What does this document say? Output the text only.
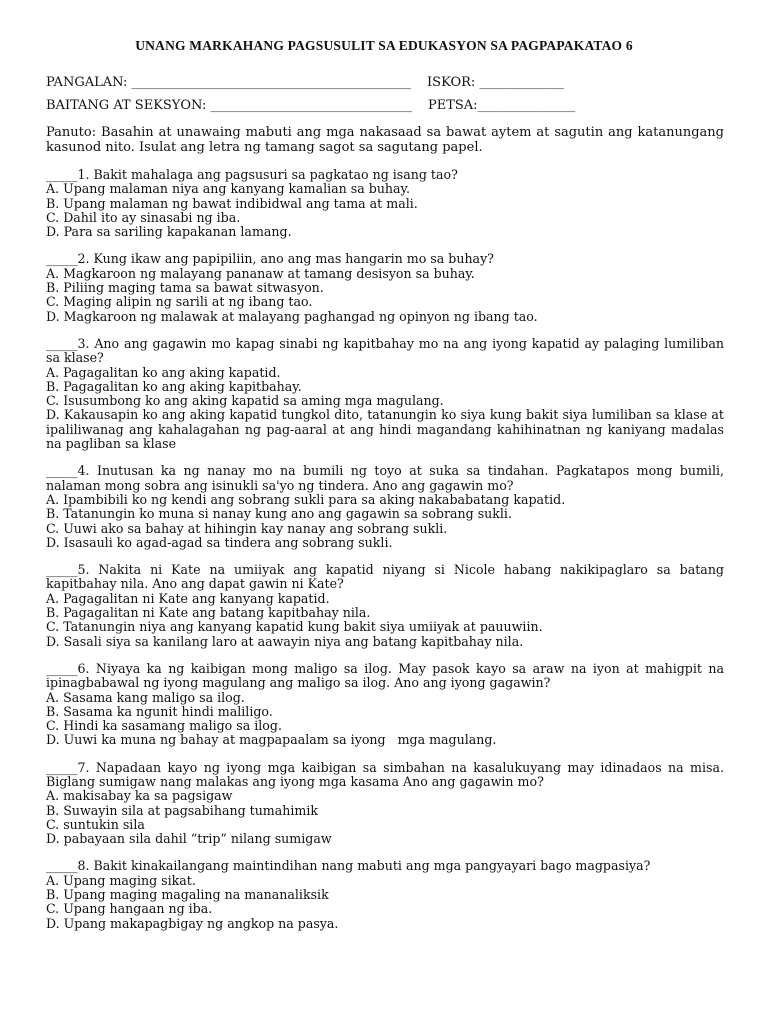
UNANG MARKAHANG PAGSUSULIT SA EDUKASYON SA PAGPAPAKATAO 6
PANGALAN: ___________________________________________ ISKOR: _____________
BAITANG AT SEKSYON: _______________________________ PETSA:_______________
Panuto: Basahin at unawaing mabuti ang mga nakasaad sa bawat aytem at sagutin ang katanungang kasunod nito. Isulat ang letra ng tamang sagot sa sagutang papel.
_____1. Bakit mahalaga ang pagsusuri sa pagkatao ng isang tao?
A. Upang malaman niya ang kanyang kamalian sa buhay.
B. Upang malaman ng bawat indibidwal ang tama at mali.
C. Dahil ito ay sinasabi ng iba.
D. Para sa sariling kapakanan lamang.
_____2. Kung ikaw ang papipiliin, ano ang mas hangarin mo sa buhay?
A. Magkaroon ng malayang pananaw at tamang desisyon sa buhay.
B. Piliing maging tama sa bawat sitwasyon.
C. Maging alipin ng sarili at ng ibang tao.
D. Magkaroon ng malawak at malayang paghangad ng opinyon ng ibang tao.
_____3. Ano ang gagawin mo kapag sinabi ng kapitbahay mo na ang iyong kapatid ay palaging lumiliban sa klase?
A. Pagagalitan ko ang aking kapatid.
B. Pagagalitan ko ang aking kapitbahay.
C. Isusumbong ko ang aking kapatid sa aming mga magulang.
D. Kakausapin ko ang aking kapatid tungkol dito, tatanungin ko siya kung bakit siya lumiliban sa klase at ipaliliwanag ang kahalagahan ng pag-aaral at ang hindi magandang kahihinatnan ng kaniyang madalas na pagliban sa klase
_____4. Inutusan ka ng nanay mo na bumili ng toyo at suka sa tindahan. Pagkatapos mong bumili, nalaman mong sobra ang isinukli sa'yo ng tindera. Ano ang gagawin mo?
A. Ipambibili ko ng kendi ang sobrang sukli para sa aking nakababatang kapatid.
B. Tatanungin ko muna si nanay kung ano ang gagawin sa sobrang sukli.
C. Uuwi ako sa bahay at hihingin kay nanay ang sobrang sukli.
D. Isasauli ko agad-agad sa tindera ang sobrang sukli.
_____5. Nakita ni Kate na umiiyak ang kapatid niyang si Nicole habang nakikipaglaro sa batang kapitbahay nila. Ano ang dapat gawin ni Kate?
A. Pagagalitan ni Kate ang kanyang kapatid.
B. Pagagalitan ni Kate ang batang kapitbahay nila.
C. Tatanungin niya ang kanyang kapatid kung bakit siya umiiyak at pauuwiin.
D. Sasali siya sa kanilang laro at aawayin niya ang batang kapitbahay nila.
_____6. Niyaya ka ng kaibigan mong maligo sa ilog. May pasok kayo sa araw na iyon at mahigpit na ipinagbabawal ng iyong magulang ang maligo sa ilog. Ano ang iyong gagawin?
A. Sasama kang maligo sa ilog.
B. Sasama ka ngunit hindi maliligo.
C. Hindi ka sasamang maligo sa ilog.
D. Uuwi ka muna ng bahay at magpapaalam sa iyong   mga magulang.
_____7. Napadaan kayo ng iyong mga kaibigan sa simbahan na kasalukuyang may idinadaos na misa. Biglang sumigaw nang malakas ang iyong mga kasama Ano ang gagawin mo?
A. makisabay ka sa pagsigaw
B. Suwayin sila at pagsabihang tumahimik
C. suntukin sila
D. pabayaan sila dahil “trip” nilang sumigaw
_____8. Bakit kinakailangang maintindihan nang mabuti ang mga pangyayari bago magpasiya?
A. Upang maging sikat.
B. Upang maging magaling na mananaliksik
C. Upang hangaan ng iba.
D. Upang makapagbigay ng angkop na pasya.
